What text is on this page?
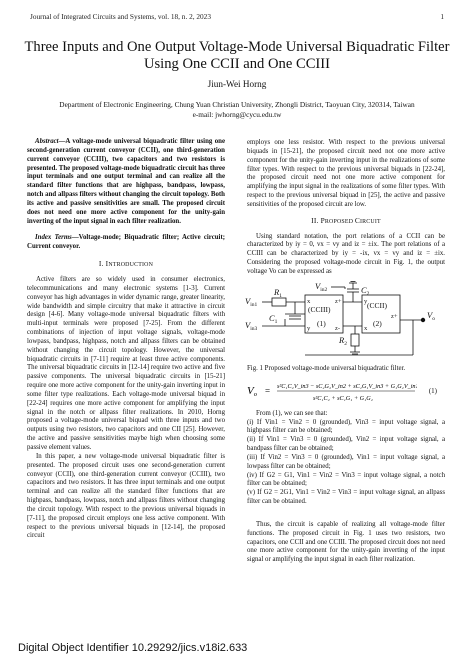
Journal of Integrated Circuits and Systems, vol. 18, n. 2, 2023	1
Three Inputs and One Output Voltage-Mode Universal Biquadratic Filter Using One CCII and One CCIII
Jiun-Wei Horng
Department of Electronic Engineering, Chung Yuan Christian University, Zhongli District, Taoyuan City, 320314, Taiwan
e-mail: jwhorng@cycu.edu.tw

Abstract—A voltage-mode universal biquadratic filter using one second-generation current conveyor (CCII), one third-generation current conveyor (CCIII), two capacitors and two resistors is presented. The proposed voltage-mode biquadratic circuit has three input terminals and one output terminal and can realize all the standard filter functions that are highpass, bandpass, lowpass, notch and allpass filters without changing the circuit topology. Both its active and passive sensitivities are small. The proposed circuit does not need one more active component for the unity-gain inverting of the input signal in each filter realization.

Index Terms—Voltage-mode; Biquadratic filter; Active circuit; Current conveyor.

I. INTRODUCTION

Active filters are so widely used in consumer electronics, telecommunications and many electronic systems [1-3]. Current conveyor has high advantages in wider dynamic range, greater linearity, wide bandwidth and simple circuitry that make it attractive in circuit design [4-6]. Many voltage-mode universal biquadratic filters with multi-input terminals were proposed [7-25]. From the different combinations of injection of input voltage signals, voltage-mode lowpass, bandpass, highpass, notch and allpass filters can be obtained without changing the circuit topology. However, the universal biquadratic circuits in [7-11] require at least three active components. The universal biquadratic circuits in [12-14] require two active and five passive components. The universal biquadratic circuits in [15-21] require one more active component for the unity-gain inverting input in some filter type realizations. Each voltage-mode universal biquad in [22-24] requires one more active component for amplifying the input signal in the notch or allpass filter realizations. In 2010, Horng proposed a voltage-mode universal biquad with three inputs and two outputs using two resistors, two capacitors and one CII [25]. However, the active and passive sensitivities maybe high when choosing some passive element values.

In this paper, a new voltage-mode universal biquadratic filter is presented. The proposed circuit uses one second-generation current conveyor (CCII), one third-generation current conveyor (CCIII), two capacitors and two resistors. It has three input terminals and one output terminal and can realize all the standard filter functions that are highpass, bandpass, lowpass, notch and allpass filters without changing the circuit topology. With respect to the previous universal biquads in [7-11], the proposed circuit employs one less active component. With respect to the previous universal biquads in [12-14], the proposed circuit

employs one less resistor. With respect to the previous universal biquads in [15-21], the proposed circuit need not one more active component for the unity-gain inverting input in the realizations of some filter types. With respect to the previous universal biquads in [22-24], the proposed circuit need not one more active component for amplifying the input signal in the realizations of some filter types. With respect to the previous universal biquad in [25], the active and passive sensitivities of the proposed circuit are low.

II. PROPOSED CIRCUIT

Using standard notation, the port relations of a CCII can be characterized by iy = 0, vx = vy and iz = ±ix. The port relations of a CCIII can be characterized by iy = -ix, vx = vy and iz = ±ix. Considering the proposed voltage-mode circuit in Fig. 1, the output voltage Vo can be expressed as

$V_{in1}$
$V_{in3}$
$V_{in2}$
$R_1$
$C_1$
$C_2$
$R_2$
$V_o$
(CCIII)
(1)
(CCII)
(2)
x
y
z+
z-
y
x
z+
Fig. 1 Proposed voltage-mode universal biquadratic filter.
Vo = s²C₁C₂V_in3 − sC₂G₂V_in2 + sC₁G₁V_in3 + G₁G₂V_in1
s²C₁C₂ + sC₁G₁ + G₁G₂
(1)

From (1), we can see that:

(i) If Vin1 = Vin2 = 0 (grounded), Vin3 = input voltage signal, a highpass filter can be obtained;

(ii) If Vin1 = Vin3 = 0 (grounded), Vin2 = input voltage signal, a bandpass filter can be obtained;

(iii) If Vin2 = Vin3 = 0 (grounded), Vin1 = input voltage signal, a lowpass filter can be obtained;

(iv) If G2 = G1, Vin1 = Vin2 = Vin3 = input voltage signal, a notch filter can be obtained;

(v) If G2 = 2G1, Vin1 = Vin2 = Vin3 = input voltage signal, an allpass filter can be obtained.

Thus, the circuit is capable of realizing all voltage-mode filter functions. The proposed circuit in Fig. 1 uses two resistors, two capacitors, one CCII and one CCIII. The proposed circuit does not need one more active component for the unity-gain inverting of the input signal or amplifying the input signal in each filter realization.

Digital Object Identifier 10.29292/jics.v18i2.633
